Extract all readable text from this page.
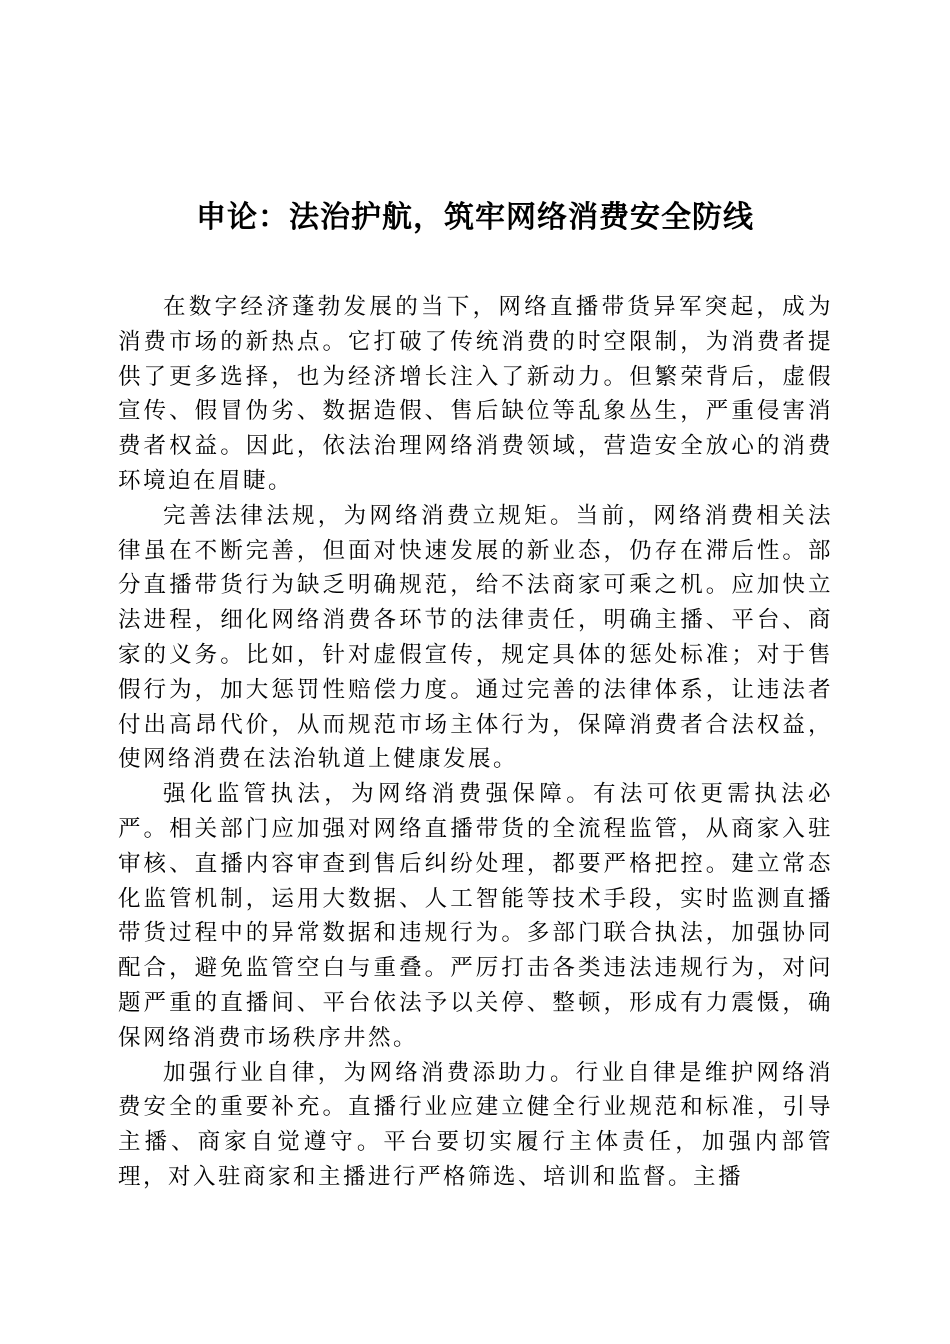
申论：法治护航，筑牢网络消费安全防线

在数字经济蓬勃发展的当下，网络直播带货异军突起，成为消费市场的新热点。它打破了传统消费的时空限制，为消费者提供了更多选择，也为经济增长注入了新动力。但繁荣背后，虚假宣传、假冒伪劣、数据造假、售后缺位等乱象丛生，严重侵害消费者权益。因此，依法治理网络消费领域，营造安全放心的消费环境迫在眉睫。

完善法律法规，为网络消费立规矩。当前，网络消费相关法律虽在不断完善，但面对快速发展的新业态，仍存在滞后性。部分直播带货行为缺乏明确规范，给不法商家可乘之机。应加快立法进程，细化网络消费各环节的法律责任，明确主播、平台、商家的义务。比如，针对虚假宣传，规定具体的惩处标准；对于售假行为，加大惩罚性赔偿力度。通过完善的法律体系，让违法者付出高昂代价，从而规范市场主体行为，保障消费者合法权益，使网络消费在法治轨道上健康发展。

强化监管执法，为网络消费强保障。有法可依更需执法必严。相关部门应加强对网络直播带货的全流程监管，从商家入驻审核、直播内容审查到售后纠纷处理，都要严格把控。建立常态化监管机制，运用大数据、人工智能等技术手段，实时监测直播带货过程中的异常数据和违规行为。多部门联合执法，加强协同配合，避免监管空白与重叠。严厉打击各类违法违规行为，对问题严重的直播间、平台依法予以关停、整顿，形成有力震慑，确保网络消费市场秩序井然。

加强行业自律，为网络消费添助力。行业自律是维护网络消费安全的重要补充。直播行业应建立健全行业规范和标准，引导主播、商家自觉遵守。平台要切实履行主体责任，加强内部管理，对入驻商家和主播进行严格筛选、培训和监督。主播
